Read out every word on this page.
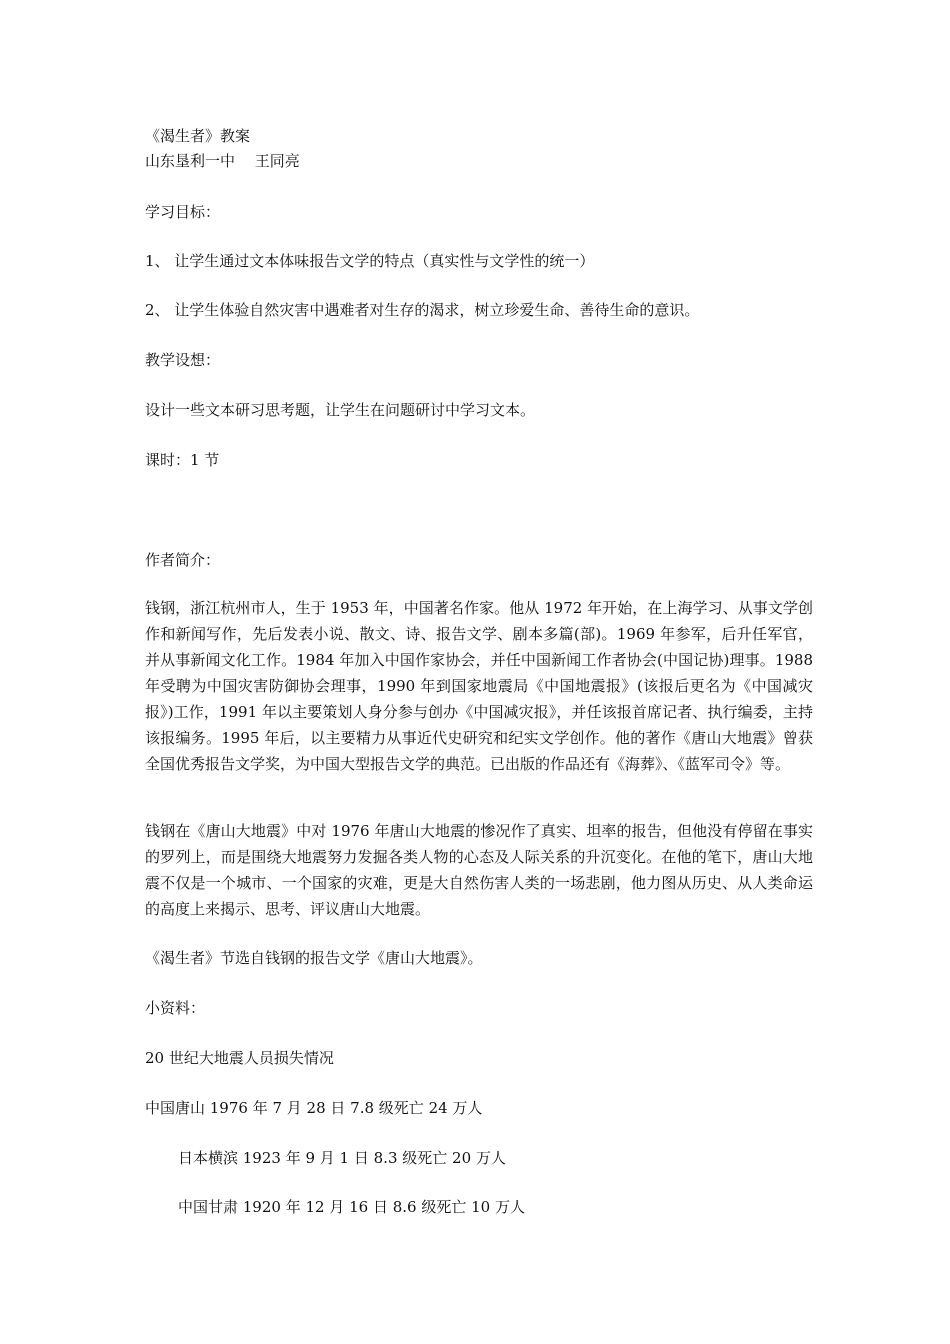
《渴生者》教案
山东垦利一中　 王同亮
学习目标：
1、 让学生通过文本体味报告文学的特点（真实性与文学性的统一）
2、 让学生体验自然灾害中遇难者对生存的渴求，树立珍爱生命、善待生命的意识。
教学设想：
设计一些文本研习思考题，让学生在问题研讨中学习文本。
课时：1 节
作者简介：
钱钢，浙江杭州市人，生于 1953 年，中国著名作家。他从 1972 年开始，在上海学习、从事文学创作和新闻写作，先后发表小说、散文、诗、报告文学、剧本多篇(部)。1969 年参军，后升任军官，并从事新闻文化工作。1984 年加入中国作家协会，并任中国新闻工作者协会(中国记协)理事。1988 年受聘为中国灾害防御协会理事，1990 年到国家地震局《中国地震报》(该报后更名为《中国减灾报》)工作，1991 年以主要策划人身分参与创办《中国减灾报》，并任该报首席记者、执行编委，主持该报编务。1995 年后，以主要精力从事近代史研究和纪实文学创作。他的著作《唐山大地震》曾获全国优秀报告文学奖，为中国大型报告文学的典范。已出版的作品还有《海葬》、《蓝军司令》等。
钱钢在《唐山大地震》中对 1976 年唐山大地震的惨况作了真实、坦率的报告，但他没有停留在事实的罗列上，而是围绕大地震努力发掘各类人物的心态及人际关系的升沉变化。在他的笔下，唐山大地震不仅是一个城市、一个国家的灾难，更是大自然伤害人类的一场悲剧，他力图从历史、从人类命运的高度上来揭示、思考、评议唐山大地震。
《渴生者》节选自钱钢的报告文学《唐山大地震》。
小资料：
20 世纪大地震人员损失情况
中国唐山 1976 年 7 月 28 日 7.8 级死亡 24 万人
日本横滨 1923 年 9 月 1 日 8.3 级死亡 20 万人
中国甘肃 1920 年 12 月 16 日 8.6 级死亡 10 万人
